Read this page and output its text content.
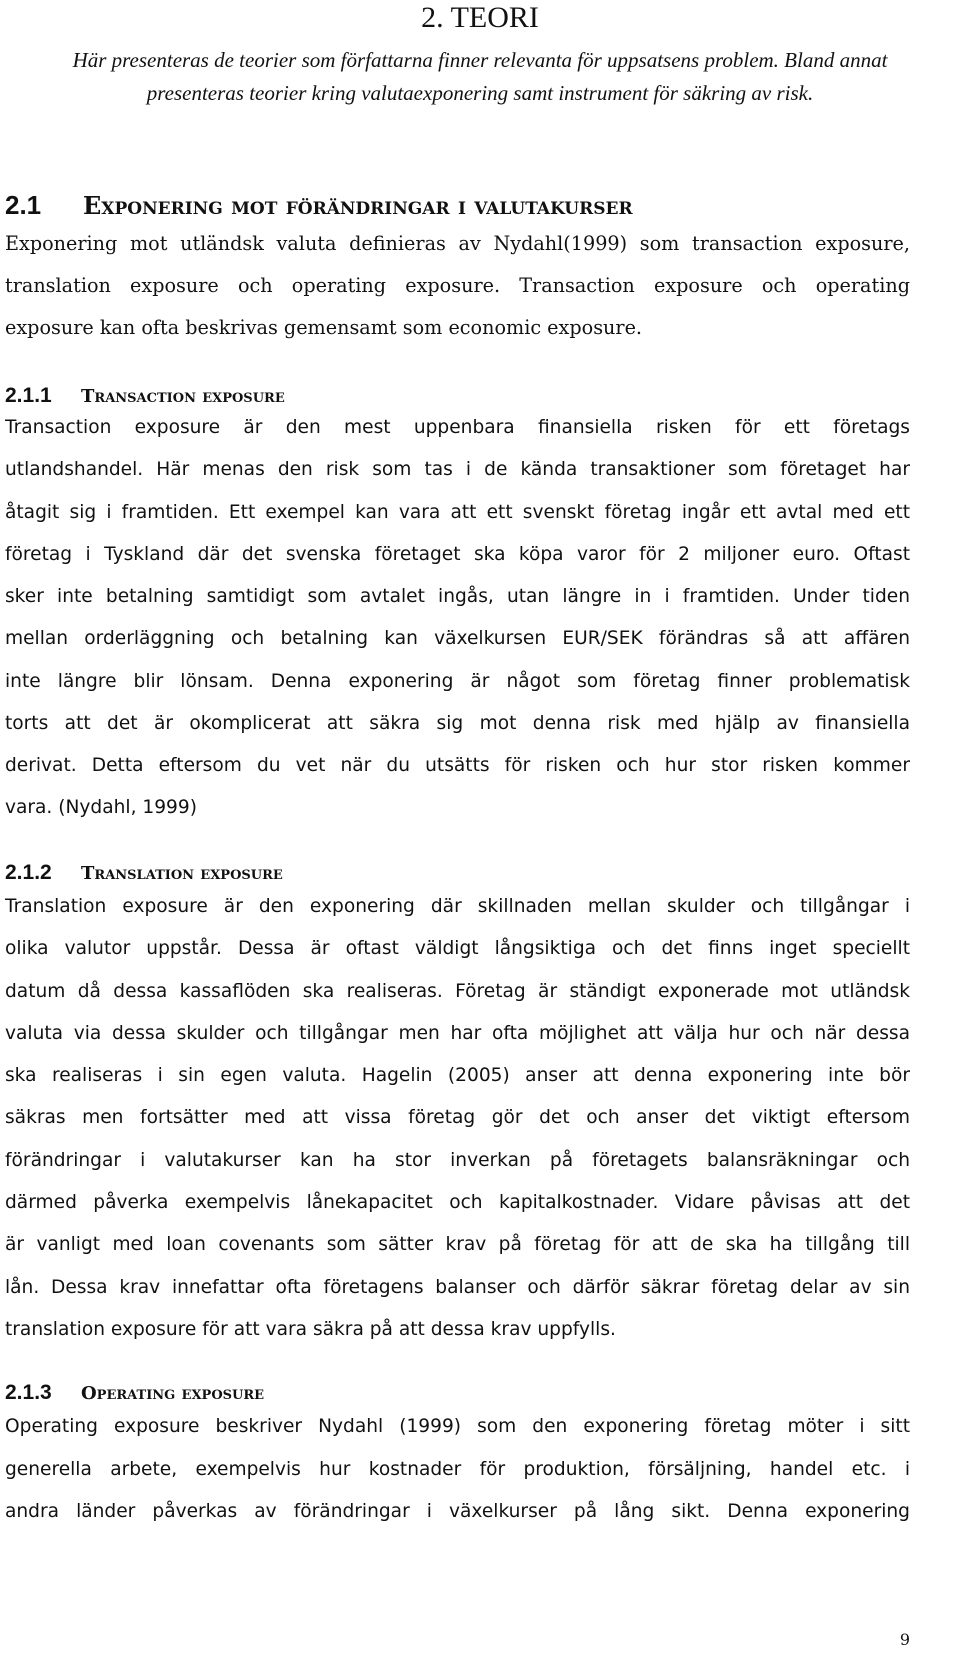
2. TEORI
Här presenteras de teorier som författarna finner relevanta för uppsatsens problem. Bland annat
presenteras teorier kring valutaexponering samt instrument för säkring av risk.
2.1 Exponering mot förändringar i valutakurser
Exponering mot utländsk valuta definieras av Nydahl(1999) som transaction exposure,
translation exposure och operating exposure. Transaction exposure och operating
exposure kan ofta beskrivas gemensamt som economic exposure.
2.1.1 Transaction exposure
Transaction exposure är den mest uppenbara finansiella risken för ett företags
utlandshandel. Här menas den risk som tas i de kända transaktioner som företaget har
åtagit sig i framtiden. Ett exempel kan vara att ett svenskt företag ingår ett avtal med ett
företag i Tyskland där det svenska företaget ska köpa varor för 2 miljoner euro. Oftast
sker inte betalning samtidigt som avtalet ingås, utan längre in i framtiden. Under tiden
mellan orderläggning och betalning kan växelkursen EUR/SEK förändras så att affären
inte längre blir lönsam. Denna exponering är något som företag finner problematisk
torts att det är okomplicerat att säkra sig mot denna risk med hjälp av finansiella
derivat. Detta eftersom du vet när du utsätts för risken och hur stor risken kommer
vara. (Nydahl, 1999)
2.1.2 Translation exposure
Translation exposure är den exponering där skillnaden mellan skulder och tillgångar i
olika valutor uppstår. Dessa är oftast väldigt långsiktiga och det finns inget speciellt
datum då dessa kassaflöden ska realiseras. Företag är ständigt exponerade mot utländsk
valuta via dessa skulder och tillgångar men har ofta möjlighet att välja hur och när dessa
ska realiseras i sin egen valuta. Hagelin (2005) anser att denna exponering inte bör
säkras men fortsätter med att vissa företag gör det och anser det viktigt eftersom
förändringar i valutakurser kan ha stor inverkan på företagets balansräkningar och
därmed påverka exempelvis lånekapacitet och kapitalkostnader. Vidare påvisas att det
är vanligt med loan covenants som sätter krav på företag för att de ska ha tillgång till
lån. Dessa krav innefattar ofta företagens balanser och därför säkrar företag delar av sin
translation exposure för att vara säkra på att dessa krav uppfylls.
2.1.3 Operating exposure
Operating exposure beskriver Nydahl (1999) som den exponering företag möter i sitt
generella arbete, exempelvis hur kostnader för produktion, försäljning, handel etc. i
andra länder påverkas av förändringar i växelkurser på lång sikt. Denna exponering
9
